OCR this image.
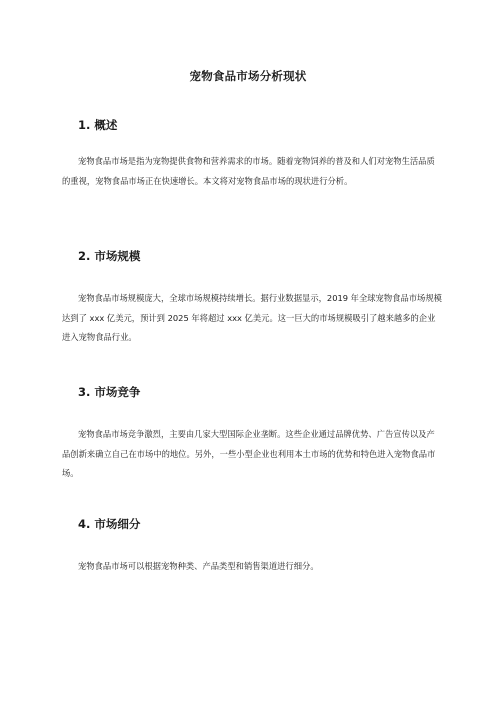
宠物食品市场分析现状
1. 概述

宠物食品市场是指为宠物提供食物和营养需求的市场。随着宠物饲养的普及和人们对宠物生活品质的重视，宠物食品市场正在快速增长。本文将对宠物食品市场的现状进行分析。

2. 市场规模

宠物食品市场规模庞大，全球市场规模持续增长。据行业数据显示，2019 年全球宠物食品市场规模达到了 xxx 亿美元，预计到 2025 年将超过 xxx 亿美元。这一巨大的市场规模吸引了越来越多的企业进入宠物食品行业。

3. 市场竞争

宠物食品市场竞争激烈，主要由几家大型国际企业垄断。这些企业通过品牌优势、广告宣传以及产品创新来确立自己在市场中的地位。另外，一些小型企业也利用本土市场的优势和特色进入宠物食品市场。

4. 市场细分

宠物食品市场可以根据宠物种类、产品类型和销售渠道进行细分。
